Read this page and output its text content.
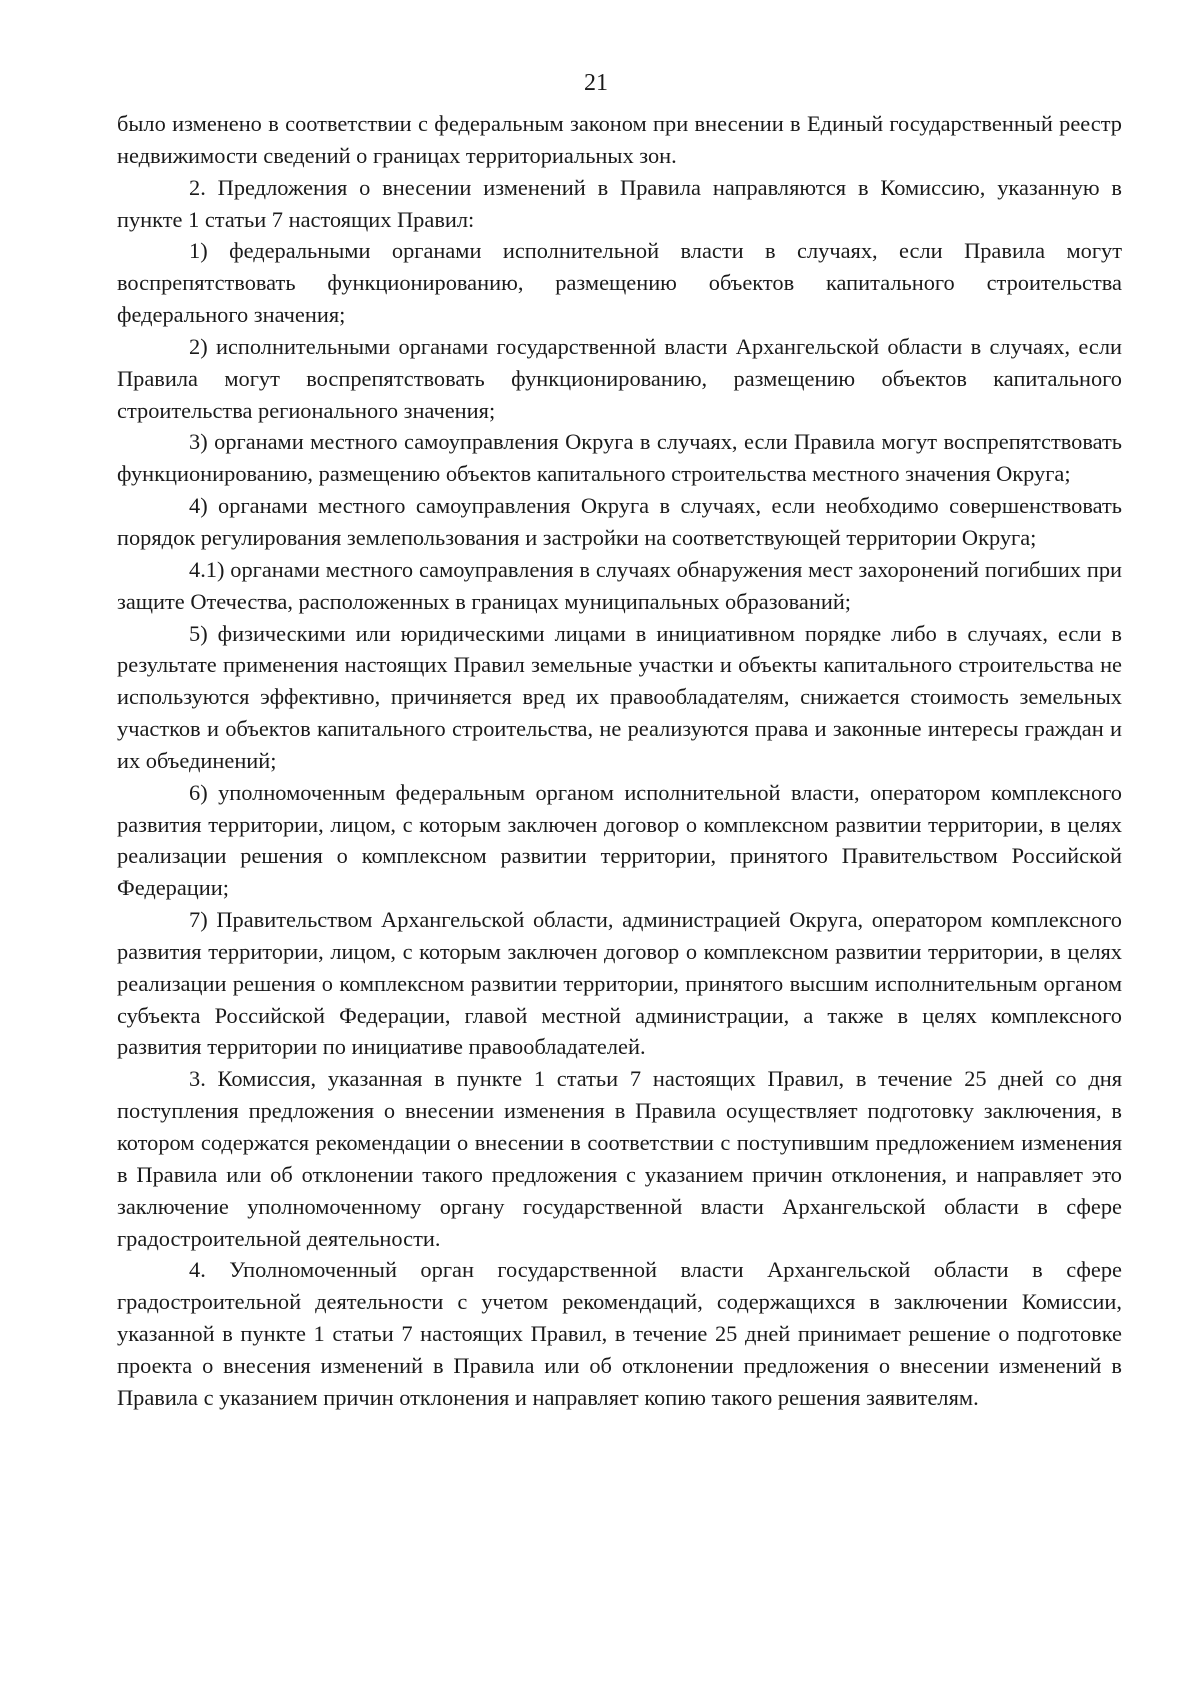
21

было изменено в соответствии с федеральным законом при внесении в Единый государственный реестр недвижимости сведений о границах территориальных зон.

2. Предложения о внесении изменений в Правила направляются в Комиссию, указанную в пункте 1 статьи 7 настоящих Правил:

1) федеральными органами исполнительной власти в случаях, если Правила могут воспрепятствовать функционированию, размещению объектов капитального строительства федерального значения;

2) исполнительными органами государственной власти Архангельской области в случаях, если Правила могут воспрепятствовать функционированию, размещению объектов капитального строительства регионального значения;

3) органами местного самоуправления Округа в случаях, если Правила могут воспрепятствовать функционированию, размещению объектов капитального строительства местного значения Округа;

4) органами местного самоуправления Округа в случаях, если необходимо совершенствовать порядок регулирования землепользования и застройки на соответствующей территории Округа;

4.1) органами местного самоуправления в случаях обнаружения мест захоронений погибших при защите Отечества, расположенных в границах муниципальных образований;

5) физическими или юридическими лицами в инициативном порядке либо в случаях, если в результате применения настоящих Правил земельные участки и объекты капитального строительства не используются эффективно, причиняется вред их правообладателям, снижается стоимость земельных участков и объектов капитального строительства, не реализуются права и законные интересы граждан и их объединений;

6) уполномоченным федеральным органом исполнительной власти, оператором комплексного развития территории, лицом, с которым заключен договор о комплексном развитии территории, в целях реализации решения о комплексном развитии территории, принятого Правительством Российской Федерации;

7) Правительством Архангельской области, администрацией Округа, оператором комплексного развития территории, лицом, с которым заключен договор о комплексном развитии территории, в целях реализации решения о комплексном развитии территории, принятого высшим исполнительным органом субъекта Российской Федерации, главой местной администрации, а также в целях комплексного развития территории по инициативе правообладателей.

3. Комиссия, указанная в пункте 1 статьи 7 настоящих Правил, в течение 25 дней со дня поступления предложения о внесении изменения в Правила осуществляет подготовку заключения, в котором содержатся рекомендации о внесении в соответствии с поступившим предложением изменения в Правила или об отклонении такого предложения с указанием причин отклонения, и направляет это заключение уполномоченному органу государственной власти Архангельской области в сфере градостроительной деятельности.

4. Уполномоченный орган государственной власти Архангельской области в сфере градостроительной деятельности с учетом рекомендаций, содержащихся в заключении Комиссии, указанной в пункте 1 статьи 7 настоящих Правил, в течение 25 дней принимает решение о подготовке проекта о внесения изменений в Правила или об отклонении предложения о внесении изменений в Правила с указанием причин отклонения и направляет копию такого решения заявителям.
